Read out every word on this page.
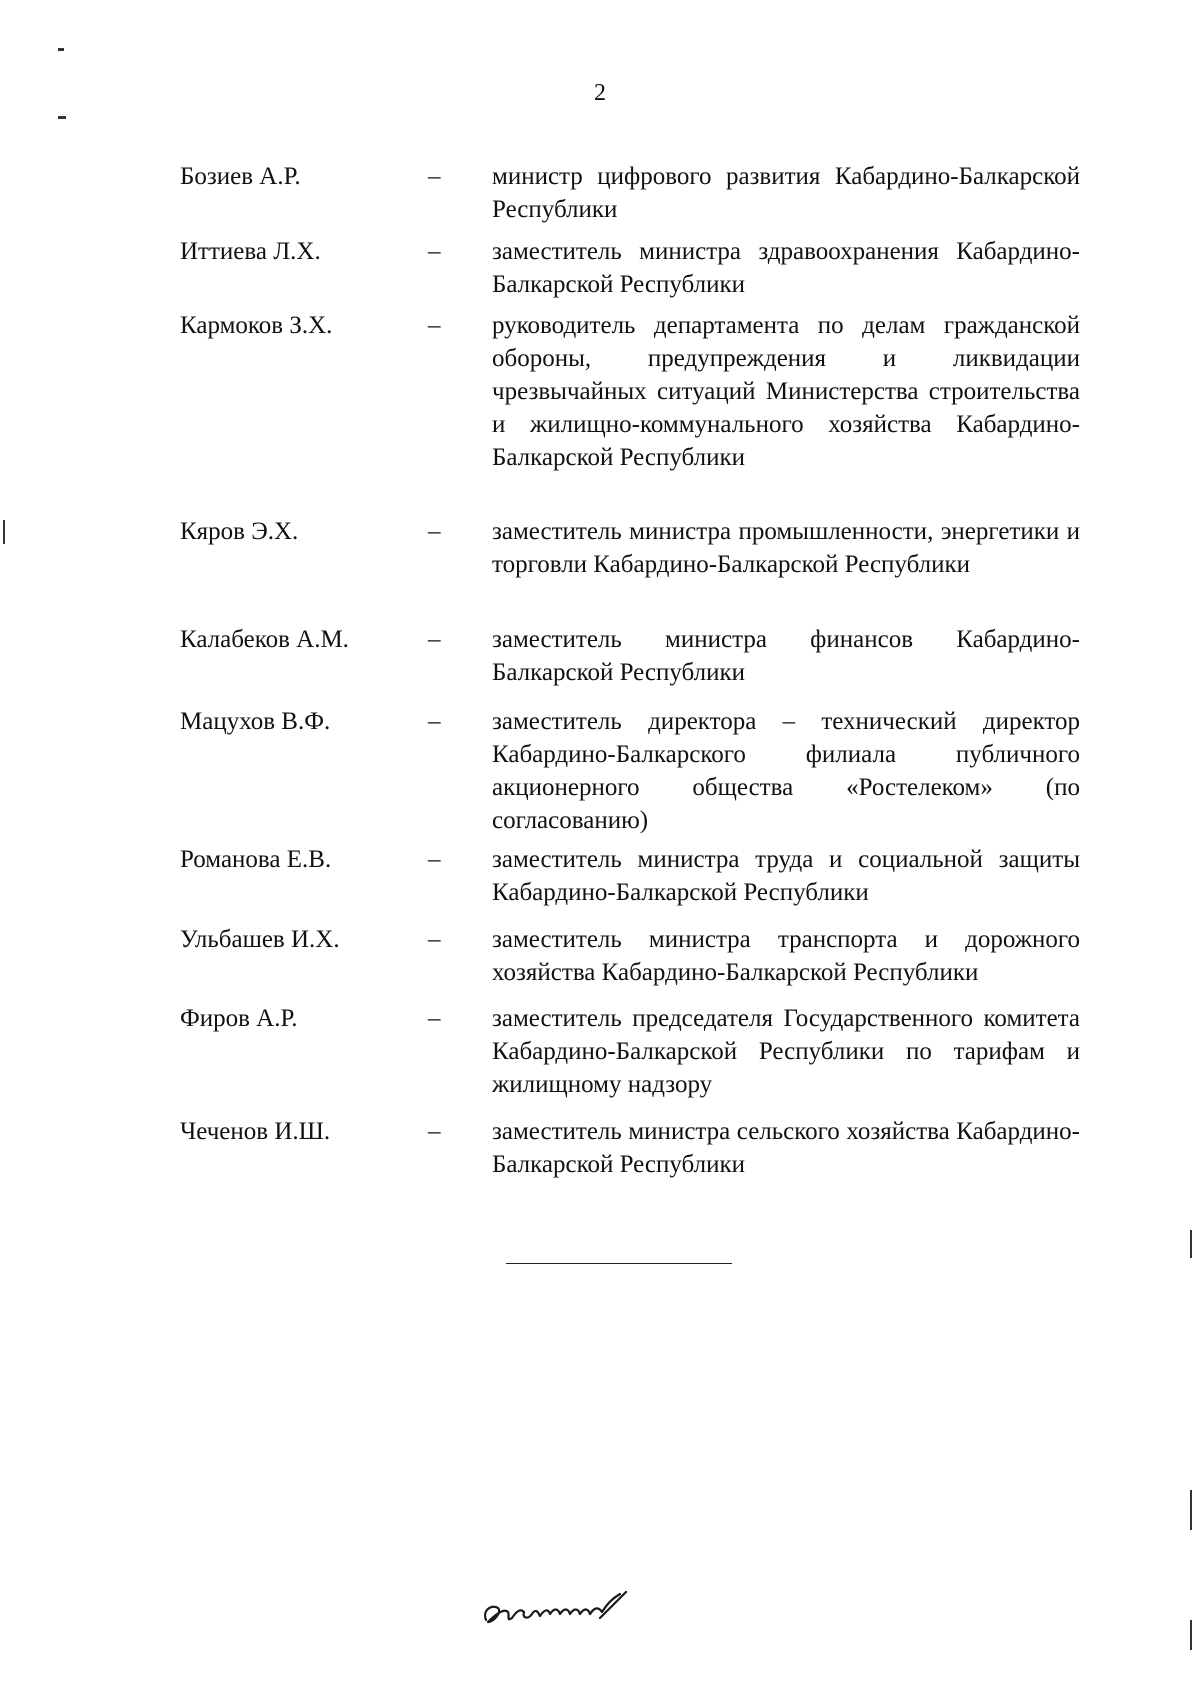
2
Бозиев А.Р.	–	министр цифрового развития Кабардино-Балкарской Республики
Иттиева Л.Х.	–	заместитель министра здравоохранения Кабардино-Балкарской Республики
Кармоков З.Х.	–	руководитель департамента по делам гражданской обороны, предупреждения и ликвидации чрезвычайных ситуаций Министерства строительства и жилищно-коммунального хозяйства Кабардино-Балкарской Республики
Кяров Э.Х.	–	заместитель министра промышленности, энергетики и торговли Кабардино-Балкарской Республики
Калабеков А.М.	–	заместитель министра финансов Кабардино-Балкарской Республики
Мацухов В.Ф.	–	заместитель директора – технический директор Кабардино-Балкарского филиала публичного акционерного общества «Ростелеком» (по согласованию)
Романова Е.В.	–	заместитель министра труда и социальной защиты Кабардино-Балкарской Республики
Ульбашев И.Х.	–	заместитель министра транспорта и дорожного хозяйства Кабардино-Балкарской Республики
Фиров А.Р.	–	заместитель председателя Государственного комитета Кабардино-Балкарской Республики по тарифам и жилищному надзору
Чеченов И.Ш.	–	заместитель министра сельского хозяйства Кабардино-Балкарской Республики
